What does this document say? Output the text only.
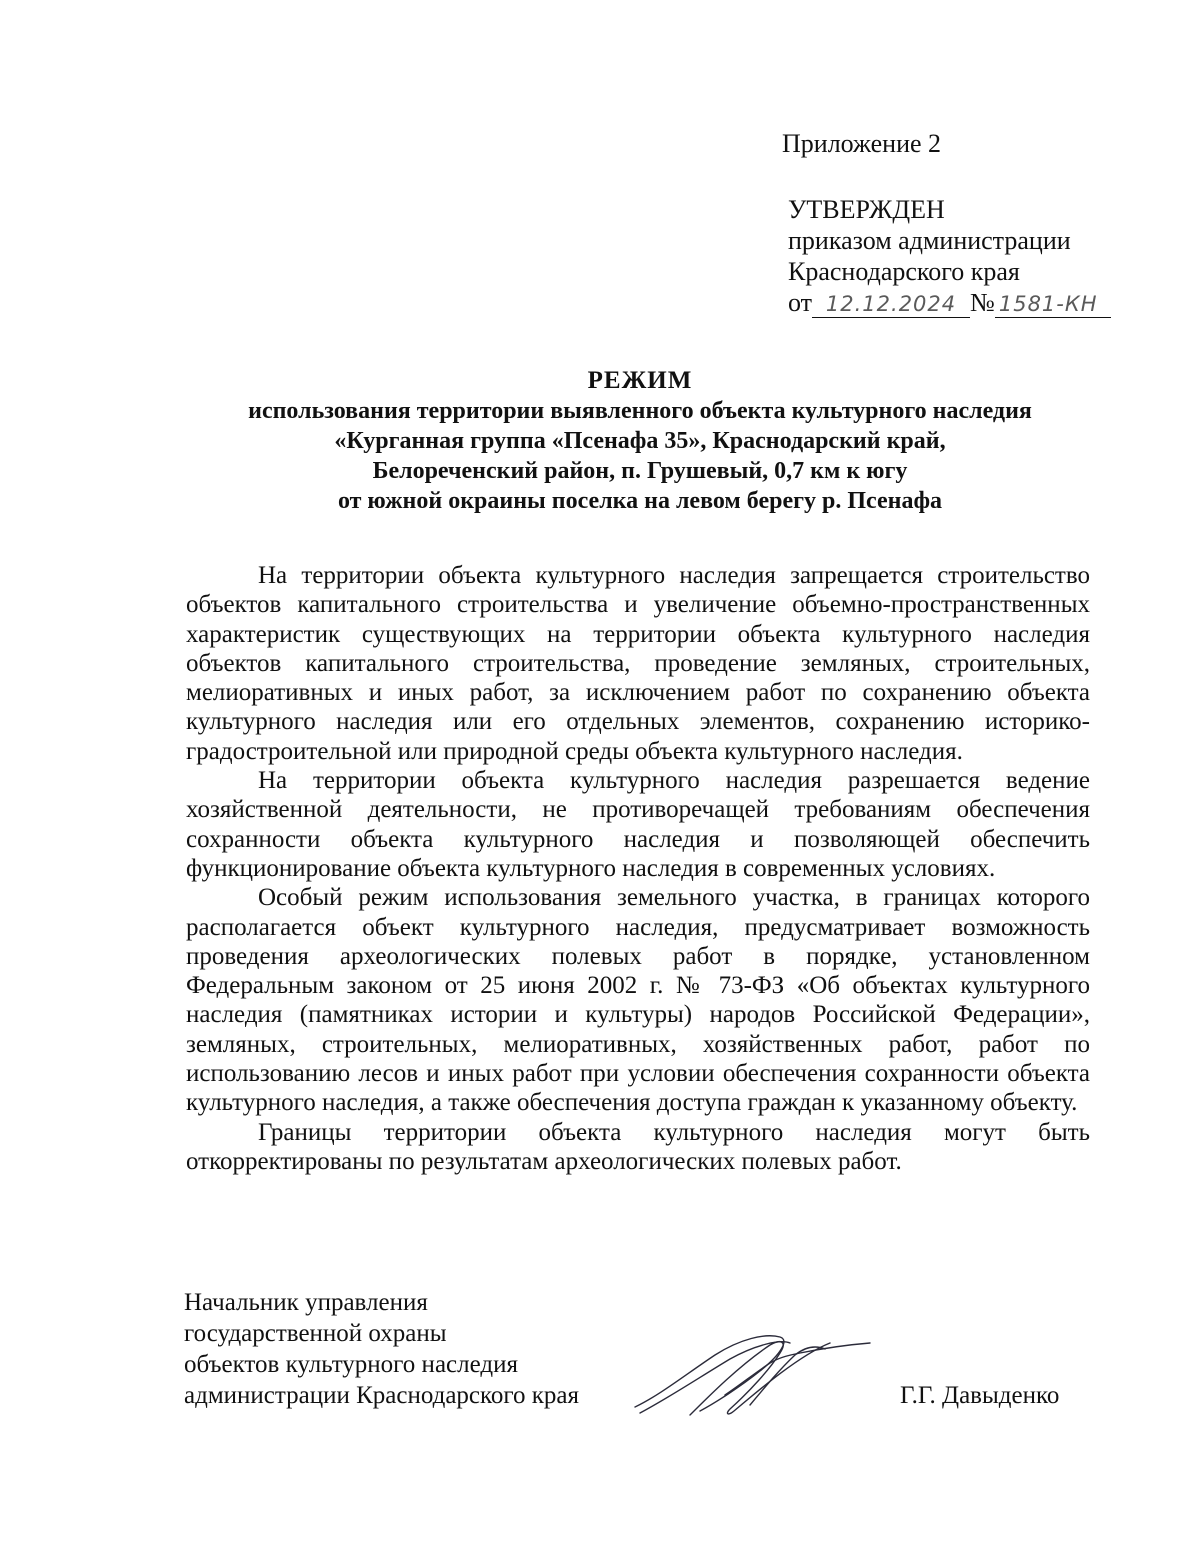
Приложение 2
УТВЕРЖДЕН
приказом администрации
Краснодарского края
от 12.12.2024 № 1581-КН
РЕЖИМ
использования территории выявленного объекта культурного наследия
«Курганная группа «Псенафа 35», Краснодарский край,
Белореченский район, п. Грушевый, 0,7 км к югу
от южной окраины поселка на левом берегу р. Псенафа

На территории объекта культурного наследия запрещается строительство объектов капитального строительства и увеличение объемно-пространственных характеристик существующих на территории объекта культурного наследия объектов капитального строительства, проведение земляных, строительных, мелиоративных и иных работ, за исключением работ по сохранению объекта культурного наследия или его отдельных элементов, сохранению историко-градостроительной или природной среды объекта культурного наследия.

На территории объекта культурного наследия разрешается ведение хозяйственной деятельности, не противоречащей требованиям обеспечения сохранности объекта культурного наследия и позволяющей обеспечить функционирование объекта культурного наследия в современных условиях.

Особый режим использования земельного участка, в границах которого располагается объект культурного наследия, предусматривает возможность проведения археологических полевых работ в порядке, установленном Федеральным законом от 25 июня 2002 г. № 73-ФЗ «Об объектах культурного наследия (памятниках истории и культуры) народов Российской Федерации», земляных, строительных, мелиоративных, хозяйственных работ, работ по использованию лесов и иных работ при условии обеспечения сохранности объекта культурного наследия, а также обеспечения доступа граждан к указанному объекту.

Границы территории объекта культурного наследия могут быть откорректированы по результатам археологических полевых работ.

Начальник управления
государственной охраны
объектов культурного наследия
администрации Краснодарского края	Г.Г. Давыденко
